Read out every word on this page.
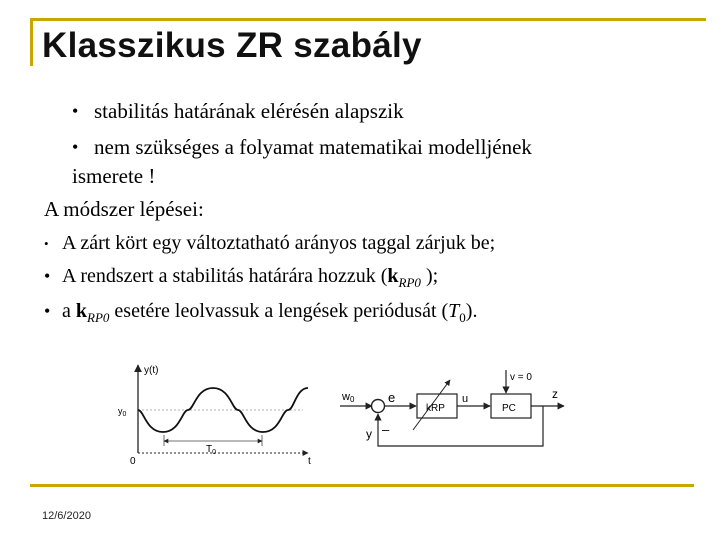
Klasszikus ZR szabály
• stabilitás határának elérésén alapszik
• nem szükséges a folyamat matematikai modelljének
ismerete !
A módszer lépései:
• A zárt kört egy változtatható arányos taggal zárjuk be;
• A rendszert a stabilitás határára hozzuk ($k_{RP0}$ );
• a $k_{RP0}$ esetére leolvassuk a lengések periódusát $(T_0)$.
y(t)
$y_0$
0
$T_0$
t
w0	e
kRP
u
PC
v = 0
z
y –
12/6/2020
